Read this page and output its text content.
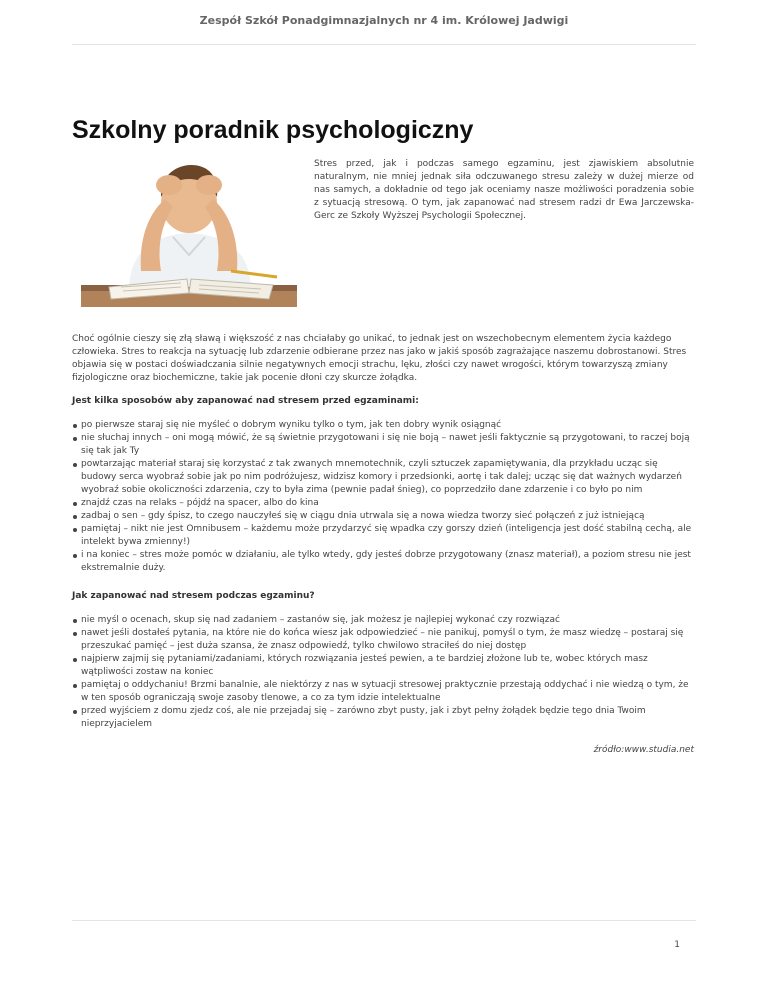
Zespół Szkół Ponadgimnazjalnych nr 4 im. Królowej Jadwigi
Szkolny poradnik psychologiczny

Stres przed, jak i podczas samego egzaminu, jest zjawiskiem absolutnie naturalnym, nie mniej jednak siła odczuwanego stresu zależy w dużej mierze od nas samych, a dokładnie od tego jak oceniamy nasze możliwości poradzenia sobie z sytuacją stresową. O tym, jak zapanować nad stresem radzi dr Ewa Jarczewska-Gerc ze Szkoły Wyższej Psychologii Społecznej.

Choć ogólnie cieszy się złą sławą i większość z nas chciałaby go unikać, to jednak jest on wszechobecnym elementem życia każdego człowieka. Stres to reakcja na sytuację lub zdarzenie odbierane przez nas jako w jakiś sposób zagrażające naszemu dobrostanowi. Stres objawia się w postaci doświadczania silnie negatywnych emocji strachu, lęku, złości czy nawet wrogości, którym towarzyszą zmiany fizjologiczne oraz biochemiczne, takie jak pocenie dłoni czy skurcze żołądka.

Jest kilka sposobów aby zapanować nad stresem przed egzaminami:

po pierwsze staraj się nie myśleć o dobrym wyniku tylko o tym, jak ten dobry wynik osiągnąć
nie słuchaj innych – oni mogą mówić, że są świetnie przygotowani i się nie boją – nawet jeśli faktycznie są przygotowani, to raczej boją się tak jak Ty
powtarzając materiał staraj się korzystać z tak zwanych mnemotechnik, czyli sztuczek zapamiętywania, dla przykładu ucząc się budowy serca wyobraź sobie jak po nim podróżujesz, widzisz komory i przedsionki, aortę i tak dalej; ucząc się dat ważnych wydarzeń wyobraź sobie okoliczności zdarzenia, czy to była zima (pewnie padał śnieg), co poprzedziło dane zdarzenie i co było po nim
znajdź czas na relaks – pójdź na spacer, albo do kina
zadbaj o sen – gdy śpisz, to czego nauczyłeś się w ciągu dnia utrwala się a nowa wiedza tworzy sieć połączeń z już istniejącą
pamiętaj – nikt nie jest Omnibusem – każdemu może przydarzyć się wpadka czy gorszy dzień (inteligencja jest dość stabilną cechą, ale intelekt bywa zmienny!)
i na koniec – stres może pomóc w działaniu, ale tylko wtedy, gdy jesteś dobrze przygotowany (znasz materiał), a poziom stresu nie jest ekstremalnie duży.

Jak zapanować nad stresem podczas egzaminu?

nie myśl o ocenach, skup się nad zadaniem – zastanów się, jak możesz je najlepiej wykonać czy rozwiązać
nawet jeśli dostałeś pytania, na które nie do końca wiesz jak odpowiedzieć – nie panikuj, pomyśl o tym, że masz wiedzę – postaraj się przeszukać pamięć – jest duża szansa, że znasz odpowiedź, tylko chwilowo straciłeś do niej dostęp
najpierw zajmij się pytaniami/zadaniami, których rozwiązania jesteś pewien, a te bardziej złożone lub te, wobec których masz wątpliwości zostaw na koniec
pamiętaj o oddychaniu! Brzmi banalnie, ale niektórzy z nas w sytuacji stresowej praktycznie przestają oddychać i nie wiedzą o tym, że w ten sposób ograniczają swoje zasoby tlenowe, a co za tym idzie intelektualne
przed wyjściem z domu zjedz coś, ale nie przejadaj się – zarówno zbyt pusty, jak i zbyt pełny żołądek będzie tego dnia Twoim nieprzyjacielem
źródło:www.studia.net
1
